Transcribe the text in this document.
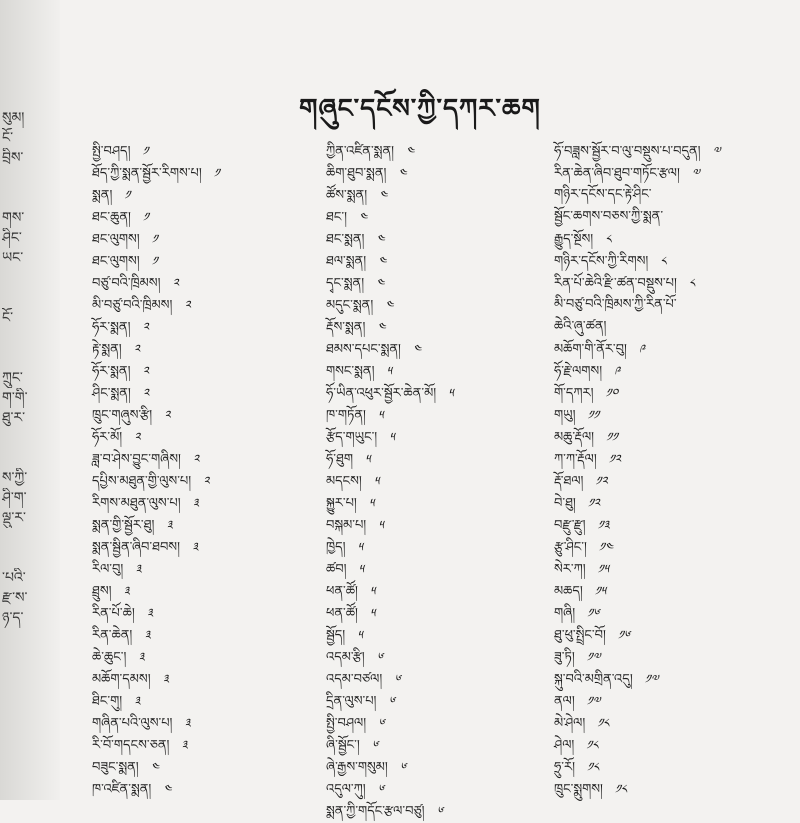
སུམ།
ངོ་
བྲིས་

གས་
ཤིང་
ཡང་

ངོ་

ཀྲུང་
ག་གི་
ཐུ་ར་

ས་ཀྱི་
ཤི་ག་
ལྡུ་ར་

་པའི་
རྫ་ས་
ཉ་ད་
གཞུང་དངོས་ཀྱི་དཀར་ཆག
སྤྱི་བཤད། ༡
ཐོད་ཀྱི་སྨན་སྦྱོར་རིགས་པ། ༡
སྨན། ༡
ཐང་ཆུན། ༡
ཐང་ལུགས། ༡
ཐང་ལུགས། ༡
བཙུ་བའི་ཁྲིམས། ༢
མི་བཙུ་བའི་ཁྲིམས། ༢
ཧོར་སྨན། ༢
རྟེ་སྨན། ༢
ཧོར་སྨན། ༢
ཤིང་སྨན། ༢
ཁྲུང་གཞུས་རྩི། ༢
ཧོར་མོ། ༢
ཟླ་བ་ཤེས་བྱུང་གཞིས། ༢
དཔྱིས་མཐུན་གྱི་ལུས་པ། ༢
རིགས་མཐུན་ལུས་པ། ༣
སྨན་གྱི་སྦྱོར་ཐུ། ༣
སྨན་སྦྱིན་ཞིབ་ཐབས། ༣
རིལ་བུ། ༣
ཐྲུས། ༣
རིན་པོ་ཆེ། ༣
རིན་ཆེན། ༣
ཆེ་ཆུང་། ༣
མཆོག་དམས། ༣
ཐིང་གུ། ༣
གཞིན་པའི་ལུས་པ། ༣
རི་བོ་གདངས་ཅན། ༣
བཟུང་སྨན། ༤
ཁ་འཛིན་སྨན། ༤
ཀྱིན་འཛིན་སྨན། ༤
ཆིག་ཐུབ་སྨན། ༤
ཚོས་སྨན། ༤
ཐང་། ༤
ཐང་སྨན། ༤
ཐལ་སྨན། ༤
དྭང་སྨན། ༤
མདུང་སྨན། ༤
རྡོས་སྨན། ༤
ཐམས་དཔང་སྨན། ༤
གསང་སྨན། ༥
ཧོ་ཡིན་འཕུར་སྦྱོར་ཆེན་མོ། ༥
ཁ་གཏོན། ༥
རྩོད་གཡུང་། ༥
ཧོ་ཐུག ༥
མདངས། ༥
སྐྱུར་པ། ༥
བསྐམ་པ། ༥
ཁྱེད། ༥
ཚབ། ༥
ཕན་ཚོ། ༥
ཕན་ཚོ། ༥
སྦྱོད། ༥
འདམ་རྩི། ༦
འདམ་བཙལ། ༦
དྲིན་ལུས་པ། ༦
སྤྱི་བཤལ། ༦
ཞི་སྦྱོང་། ༦
ཞེ་རྒྱས་གསུམ། ༦
འདུལ་ཀུ། ༦
སྨན་ཀྱི་གདོང་རྩལ་བཙུ། ༦
ཧོ་བཟླས་སྦྱོར་བ་ལུ་བསྡུས་པ་བདུན། ༧
རིན་ཆེན་ཞིབ་ཐུབ་གཏོང་རྩལ། ༧
གཉིར་དངོས་དང་རྟེ་ཤིང་
སྦྱོང་ཆགས་བཅས་ཀྱི་སྨན་
རྒྱུད་སྔོས། ༨
གཉིར་དངོས་ཀྱི་རིགས། ༨
རིན་པོ་ཆེའི་རྫི་ཚན་བསྡུས་པ། ༨
མི་བཙུ་བའི་ཁྲིམས་ཀྱི་རིན་པོ་
ཆེའི་ཞུ་ཚན།
མཆོག་གི་ནོར་བུ། ༩
ཧོ་རྗེ་ལགས། ༩
གོ་དཀར། ༡༠
གཡུ། ༡༡
མཆུ་རྡོལ། ༡༡
ཀ་ཀ་རྡོལ། ༡༢
རྡོ་ཐལ། ༡༢
བེ་ཐུ། ༡༢
བརྫུ་རྫུ། ༡༣
རྩུ་ཤིང་། ༡༤
སེར་ཀ། ༡༥
མཆད། ༡༥
གཞི། ༡༦
ཐུ་ཕུ་སྤྲིང་བོ། ༡༦
ཟུ་ཏི། ༡༧
སྐུ་བའི་མགྲིན་འདུ། ༡༧
ནལ། ༡༧
མེ་ཤེལ། ༡༨
ཤེལ། ༡༨
ཧྲུ་རོ། ༡༨
ཁྲུང་སྨུགས། ༡༨
